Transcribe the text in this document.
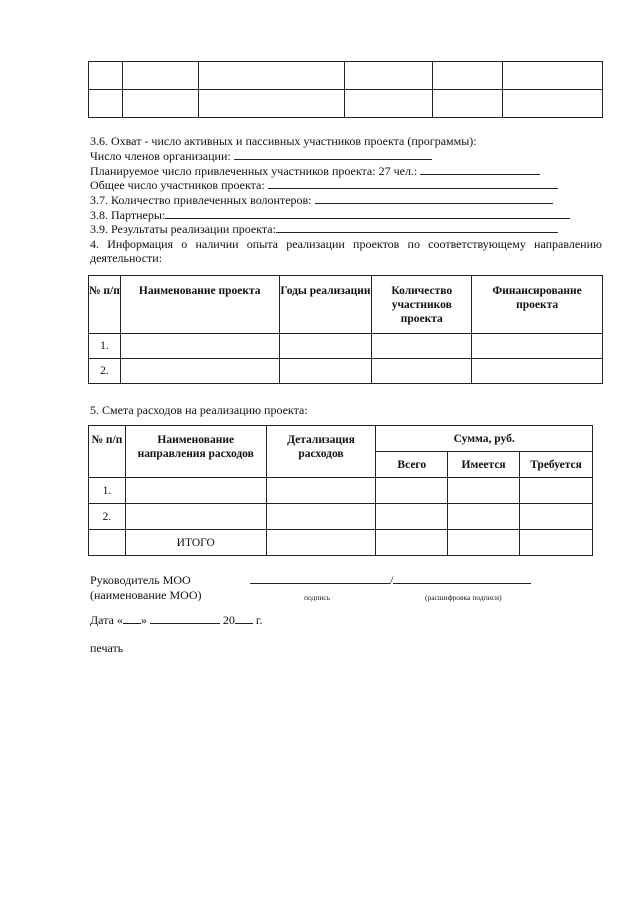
3.6. Охват - число активных и пассивных участников проекта (программы):
Число членов организации:
Планируемое число привлеченных участников проекта: 27 чел.:
Общее число участников проекта:
3.7. Количество привлеченных волонтеров:
3.8. Партнеры:
3.9. Результаты реализации проекта:
4. Информация о наличии опыта реализации проектов по соответствующему направлению
деятельности:
№ п/п	Наименование проекта	Годы реализации	Количество участников проекта	Финансирование проекта
1.				
2.				
5. Смета расходов на реализацию проекта:
№ п/п	Наименование направления расходов	Детализация расходов	Сумма, руб.		
			Всего	Имеется	Требуется
1.					
2.					
	ИТОГО				
Руководитель МОО
(наименование МОО)
/
подпись	(расшифровка подписи)
Дата « »	20 г.
печать
